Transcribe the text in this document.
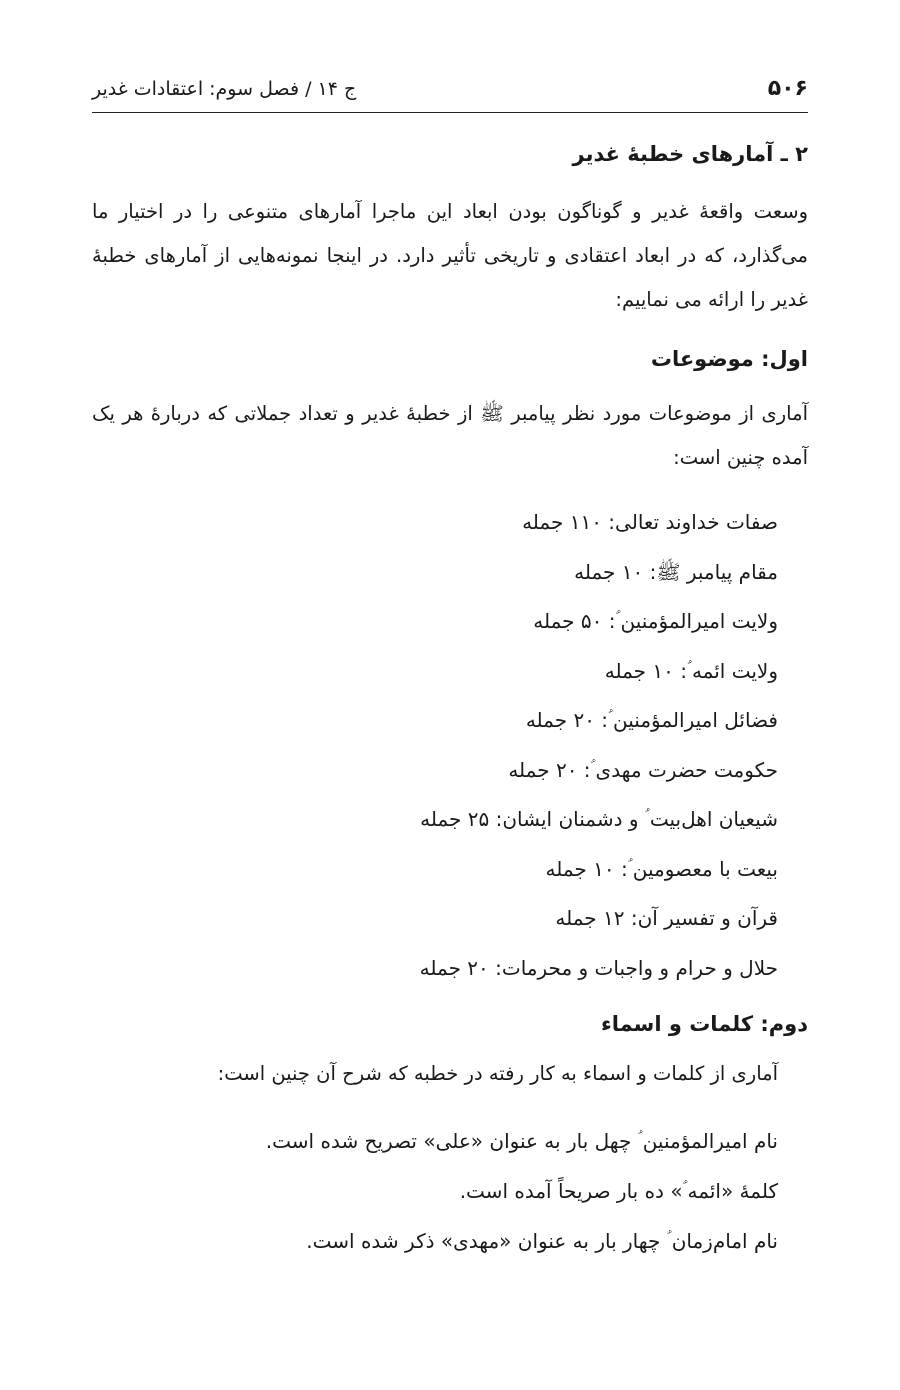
۵۰۶
ج ۱۴ / فصل سوم: اعتقادات غدیر
۲ ـ آمارهای خطبۀ غدیر

وسعت واقعۀ غدیر و گوناگون بودن ابعاد این ماجرا آمارهای متنوعی را در اختیار ما می‌گذارد، که در ابعاد اعتقادی و تاریخی تأثیر دارد. در اینجا نمونه‌هایی از آمارهای خطبۀ غدیر را ارائه می نماییم:

اول: موضوعات

آماری از موضوعات مورد نظر پیامبر ﷺ از خطبۀ غدیر و تعداد جملاتی که دربارۀ هر یک آمده چنین است:

صفات خداوند تعالی: ۱۱۰ جمله
مقام پیامبر ﷺ: ۱۰ جمله
ولایت امیرالمؤمنین ؑ: ۵۰ جمله
ولایت ائمه ؑ: ۱۰ جمله
فضائل امیرالمؤمنین ؑ: ۲۰ جمله
حکومت حضرت مهدی ؑ: ۲۰ جمله
شیعیان اهل‌بیت ؑ و دشمنان ایشان: ۲۵ جمله
بیعت با معصومین ؑ: ۱۰ جمله
قرآن و تفسیر آن: ۱۲ جمله
حلال و حرام و واجبات و محرمات: ۲۰ جمله
دوم: کلمات و اسماء

آماری از کلمات و اسماء به کار رفته در خطبه که شرح آن چنین است:

نام امیرالمؤمنین ؑ چهل بار به عنوان «علی» تصریح شده است.
کلمۀ «ائمه ؑ» ده بار صریحاً آمده است.
نام امام‌زمان ؑ چهار بار به عنوان «مهدی» ذکر شده است.
